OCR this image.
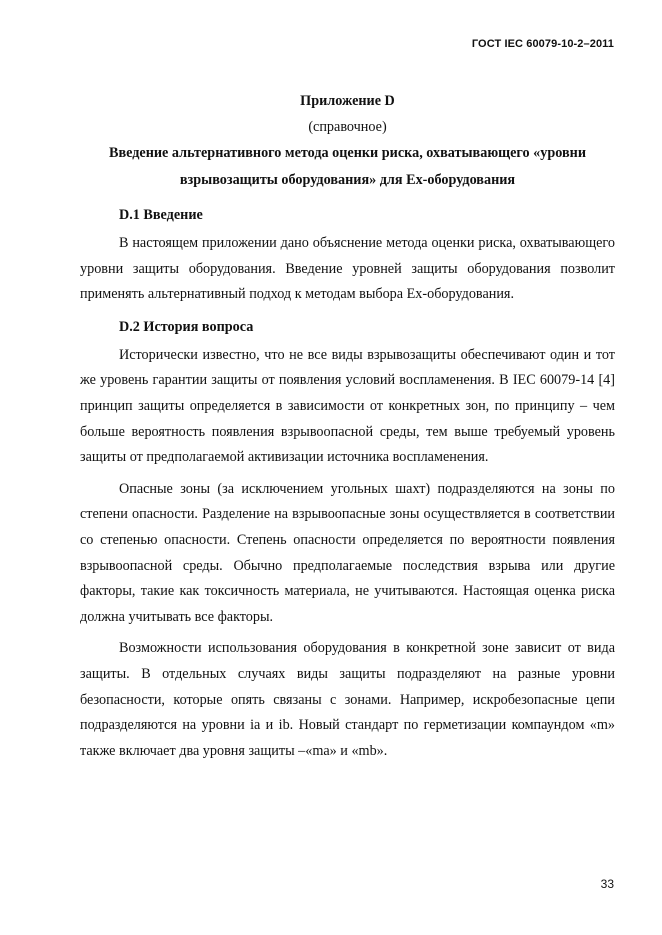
ГОСТ IEC 60079-10-2–2011

Приложение D

(справочное)

Введение альтернативного метода оценки риска, охватывающего «уровни взрывозащиты оборудования» для Ex-оборудования

D.1 Введение

В настоящем приложении дано объяснение метода оценки риска, охватывающего уровни защиты оборудования. Введение уровней защиты оборудования позволит применять альтернативный подход к методам выбора Ex-оборудования.

D.2 История вопроса

Исторически известно, что не все виды взрывозащиты обеспечивают один и тот же уровень гарантии защиты от появления условий воспламенения. В IEC 60079-14 [4] принцип защиты определяется в зависимости от конкретных зон, по принципу – чем больше вероятность появления взрывоопасной среды, тем выше требуемый уровень защиты от предполагаемой активизации источника воспламенения.

Опасные зоны (за исключением угольных шахт) подразделяются на зоны по степени опасности. Разделение на взрывоопасные зоны осуществляется в соответствии со степенью опасности. Степень опасности определяется по вероятности появления взрывоопасной среды. Обычно предполагаемые последствия взрыва или другие факторы, такие как токсичность материала, не учитываются. Настоящая оценка риска должна учитывать все факторы.

Возможности использования оборудования в конкретной зоне зависит от вида защиты. В отдельных случаях виды защиты подразделяют на разные уровни безопасности, которые опять связаны с зонами. Например, искробезопасные цепи подразделяются на уровни ia и ib. Новый стандарт по герметизации компаундом «m» также включает два уровня защиты –«ma» и «mb».

33
